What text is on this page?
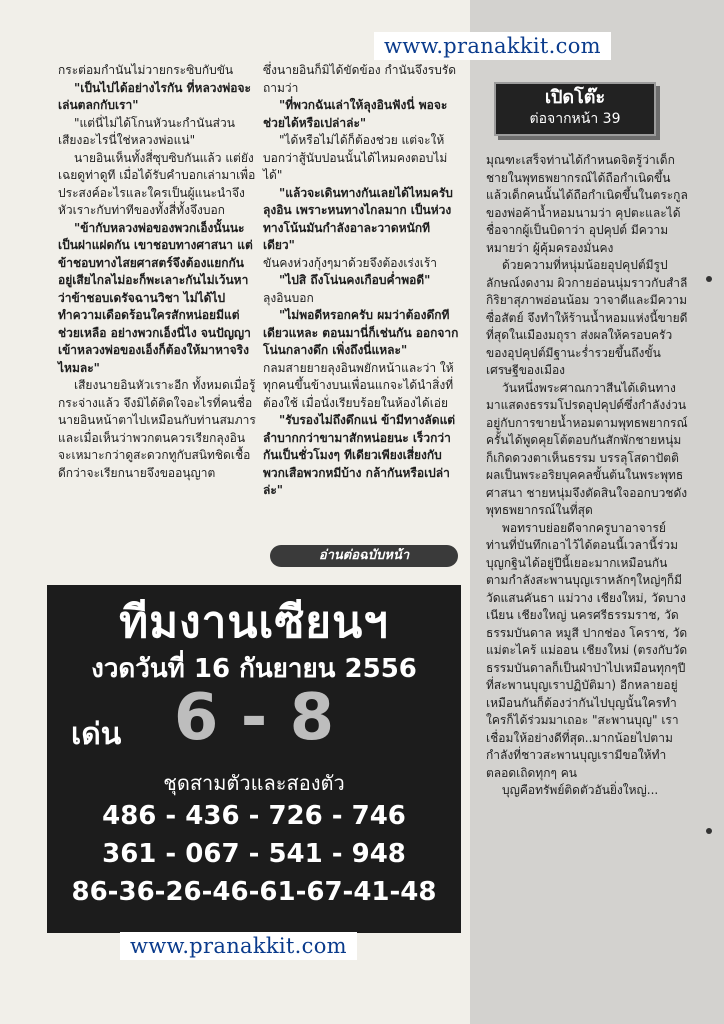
กระต่อมกำนันไม่วายกระซิบกับขัน

"เป็นไปได้อย่างไรกัน ที่หลวงพ่อจะเล่นตลกกับเรา"

"แต่นี่ไม่ได้โกนหัวนะกำนันส่วนเสียงอะไรนี่ใช่หลวงพ่อแน่"

นายอินเห็นทั้งสี่ซุบซิบกันแล้ว แต่ยังเฉยดูท่าดูที เมื่อได้รับคำบอกเล่ามาเพื่อประสงค์อะไรและใครเป็นผู้แนะนำจึงหัวเราะกับท่าทีของทั้งสี่ทั้งจึงบอก

"ข้ากับหลวงพ่อของพวกเอ็งนั้นนะเป็นฝาแฝดกัน เขาชอบทางศาสนา แต่ข้าชอบทางไสยศาสตร์จึงต้องแยกกันอยู่เสียไกลไม่อะก็พะเลาะกันไม่เว้นหาว่าข้าชอบเดรัจฉานวิชา ไม่ได้ไปทำความเดือดร้อนใครสักหน่อยมีแต่ช่วยเหลือ อย่างพวกเอ็งนี่ไง จนปัญญาเข้าหลวงพ่อของเอ็งก็ต้องให้มาหาจริงไหมละ"

เสียงนายอินหัวเราะอีก ทั้งหมดเมื่อรู้กระจ่างแล้ว จึงมิได้ติดใจอะไรที่คนชื่อนายอินหน้าตาไปเหมือนกับท่านสมภารและเมื่อเห็นว่าพวกตนควรเรียกลุงอินจะเหมาะกว่าดูสะดวกทูกับสนิทชิดเชื้อดีกว่าจะเรียกนายจึงขออนุญาต

ซึ่งนายอินก็มิได้ขัดข้อง กำนันจึงรบรัดถามว่า

"ที่พวกฉันเล่าให้ลุงอินฟังนี่ พอจะช่วยได้หรือเปล่าล่ะ"

"ได้หรือไม่ได้ก็ต้องช่วย แต่จะให้บอกว่าสู้นับปอนนั้นได้ไหมคงตอบไม่ได้"

"แล้วจะเดินทางกันเลยได้ไหมครับลุงอิน เพราะหนทางไกลมาก เป็นห่วงทางโน้นมันกำลังอาละวาดหนักทีเดียว"

ขันคงห่วงกุ้งๆมาด้วยจึงต้องเร่งเร้า

"ไปสิ ถึงโน่นคงเกือบค่ำพอดี"

ลุงอินบอก

"ไม่พอดีหรอกครับ ผมว่าต้องดึกทีเดียวแหละ ตอนมานี่ก็เช่นกัน ออกจากโน่นกลางดึก เพิ่งถึงนี่แหละ"

กลมสายยายลุงอินพยักหน้าและว่า ให้ทุกคนขึ้นข้างบนเพื่อนแกจะได้นำสิ่งที่ต้องใช้ เมื่อนั่งเรียบร้อยในห้องได้เอ่ย

"รับรองไม่ถึงดึกแน่ ข้ามีทางลัดแต่ลำบากกว่าขามาสักหน่อยนะ เร็วกว่ากันเป็นชั่วโมงๆ ทีเดียวเพียงเสี่ยงกับพวกเสือพวกหมีบ้าง กล้ากันหรือเปล่าล่ะ"

อ่านต่อฉบับหน้า
เปิดโต๊ะ
ต่อจากหน้า 39

มุณฑะเสร็จท่านได้กำหนดจิตรู้ว่าเด็กชายในพุทธพยากรณ์ได้ถือกำเนิดขึ้นแล้วเด็กคนนั้นได้ถือกำเนิดขึ้นในตระกูลของพ่อค้าน้ำหอมนามว่า คุปตะและได้ชื่อจากผู้เป็นบิดาว่า อุปคุปต์ มีความหมายว่า ผู้คุ้มครองมั่นคง

ด้วยความที่หนุ่มน้อยอุปคุปต์มีรูปลักษณ์งดงาม ผิวกายอ่อนนุ่มราวกับสำลีกิริยาสุภาพอ่อนน้อม วาจาดีและมีความซื่อสัตย์ จึงทำให้ร้านน้ำหอมแห่งนี้ขายดีที่สุดในเมืองมถุรา ส่งผลให้ครอบครัวของอุปคุปต์มีฐานะร่ำรวยขึ้นถึงขั้นเศรษฐีของเมือง

วันหนึ่งพระศาณกวาสีนได้เดินทางมาแสดงธรรมโปรดอุปคุปต์ซึ่งกำลังง่วนอยู่กับการขายน้ำหอมตามพุทธพยากรณ์ ครั้นได้พูดคุยโต้ตอบกันสักพักชายหนุ่มก็เกิดดวงตาเห็นธรรม บรรลุโสดาปัตติผลเป็นพระอริยบุคคลขั้นต้นในพระพุทธศาสนา ชายหนุ่มจึงตัดสินใจออกบวชดังพุทธพยากรณ์ในที่สุด

พอทราบย่อยดีจากครูบาอาจารย์ท่านที่บันทึกเอาไว้ได้ตอนนี้เวลานี้ร่วมบุญกฐินได้อยู่ปีนี้เยอะมากเหมือนกันตามกำลังสะพานบุญเราหลักๆใหญ่ๆก็มีวัดแสนคันธา แม่วาง เชียงใหม่, วัดบางเนียน เชียงใหญ่ นครศรีธรรมราช, วัดธรรมบันดาล หมูสี ปากช่อง โคราช, วัดแม่ตะไคร้ แม่ออน เชียงใหม่ (ตรงกับวัดธรรมบันดาลก็เป็นฝ่าป่าไปเหมือนทุกๆปีที่สะพานบุญเราปฏิบัติมา) อีกหลายอยู่เหมือนกันก็ต้องว่ากันไปบุญนั้นใครทำใครก็ได้ร่วมมาเถอะ "สะพานบุญ" เราเชื่อมให้อย่างดีที่สุด..มากน้อยไปตามกำลังที่ชาวสะพานบุญเรามีขอให้ทำตลอดเถิดทุกๆ คน

บุญคือทรัพย์ติดตัวอันยิ่งใหญ่...

ทีมงานเซียนฯ
งวดวันที่ 16 กันยายน 2556
เด่น 6 - 8
ชุดสามตัวและสองตัว
486 - 436 - 726 - 746
361 - 067 - 541 - 948
86-36-26-46-61-67-41-48
www.pranakkit.com
www.pranakkit.com
